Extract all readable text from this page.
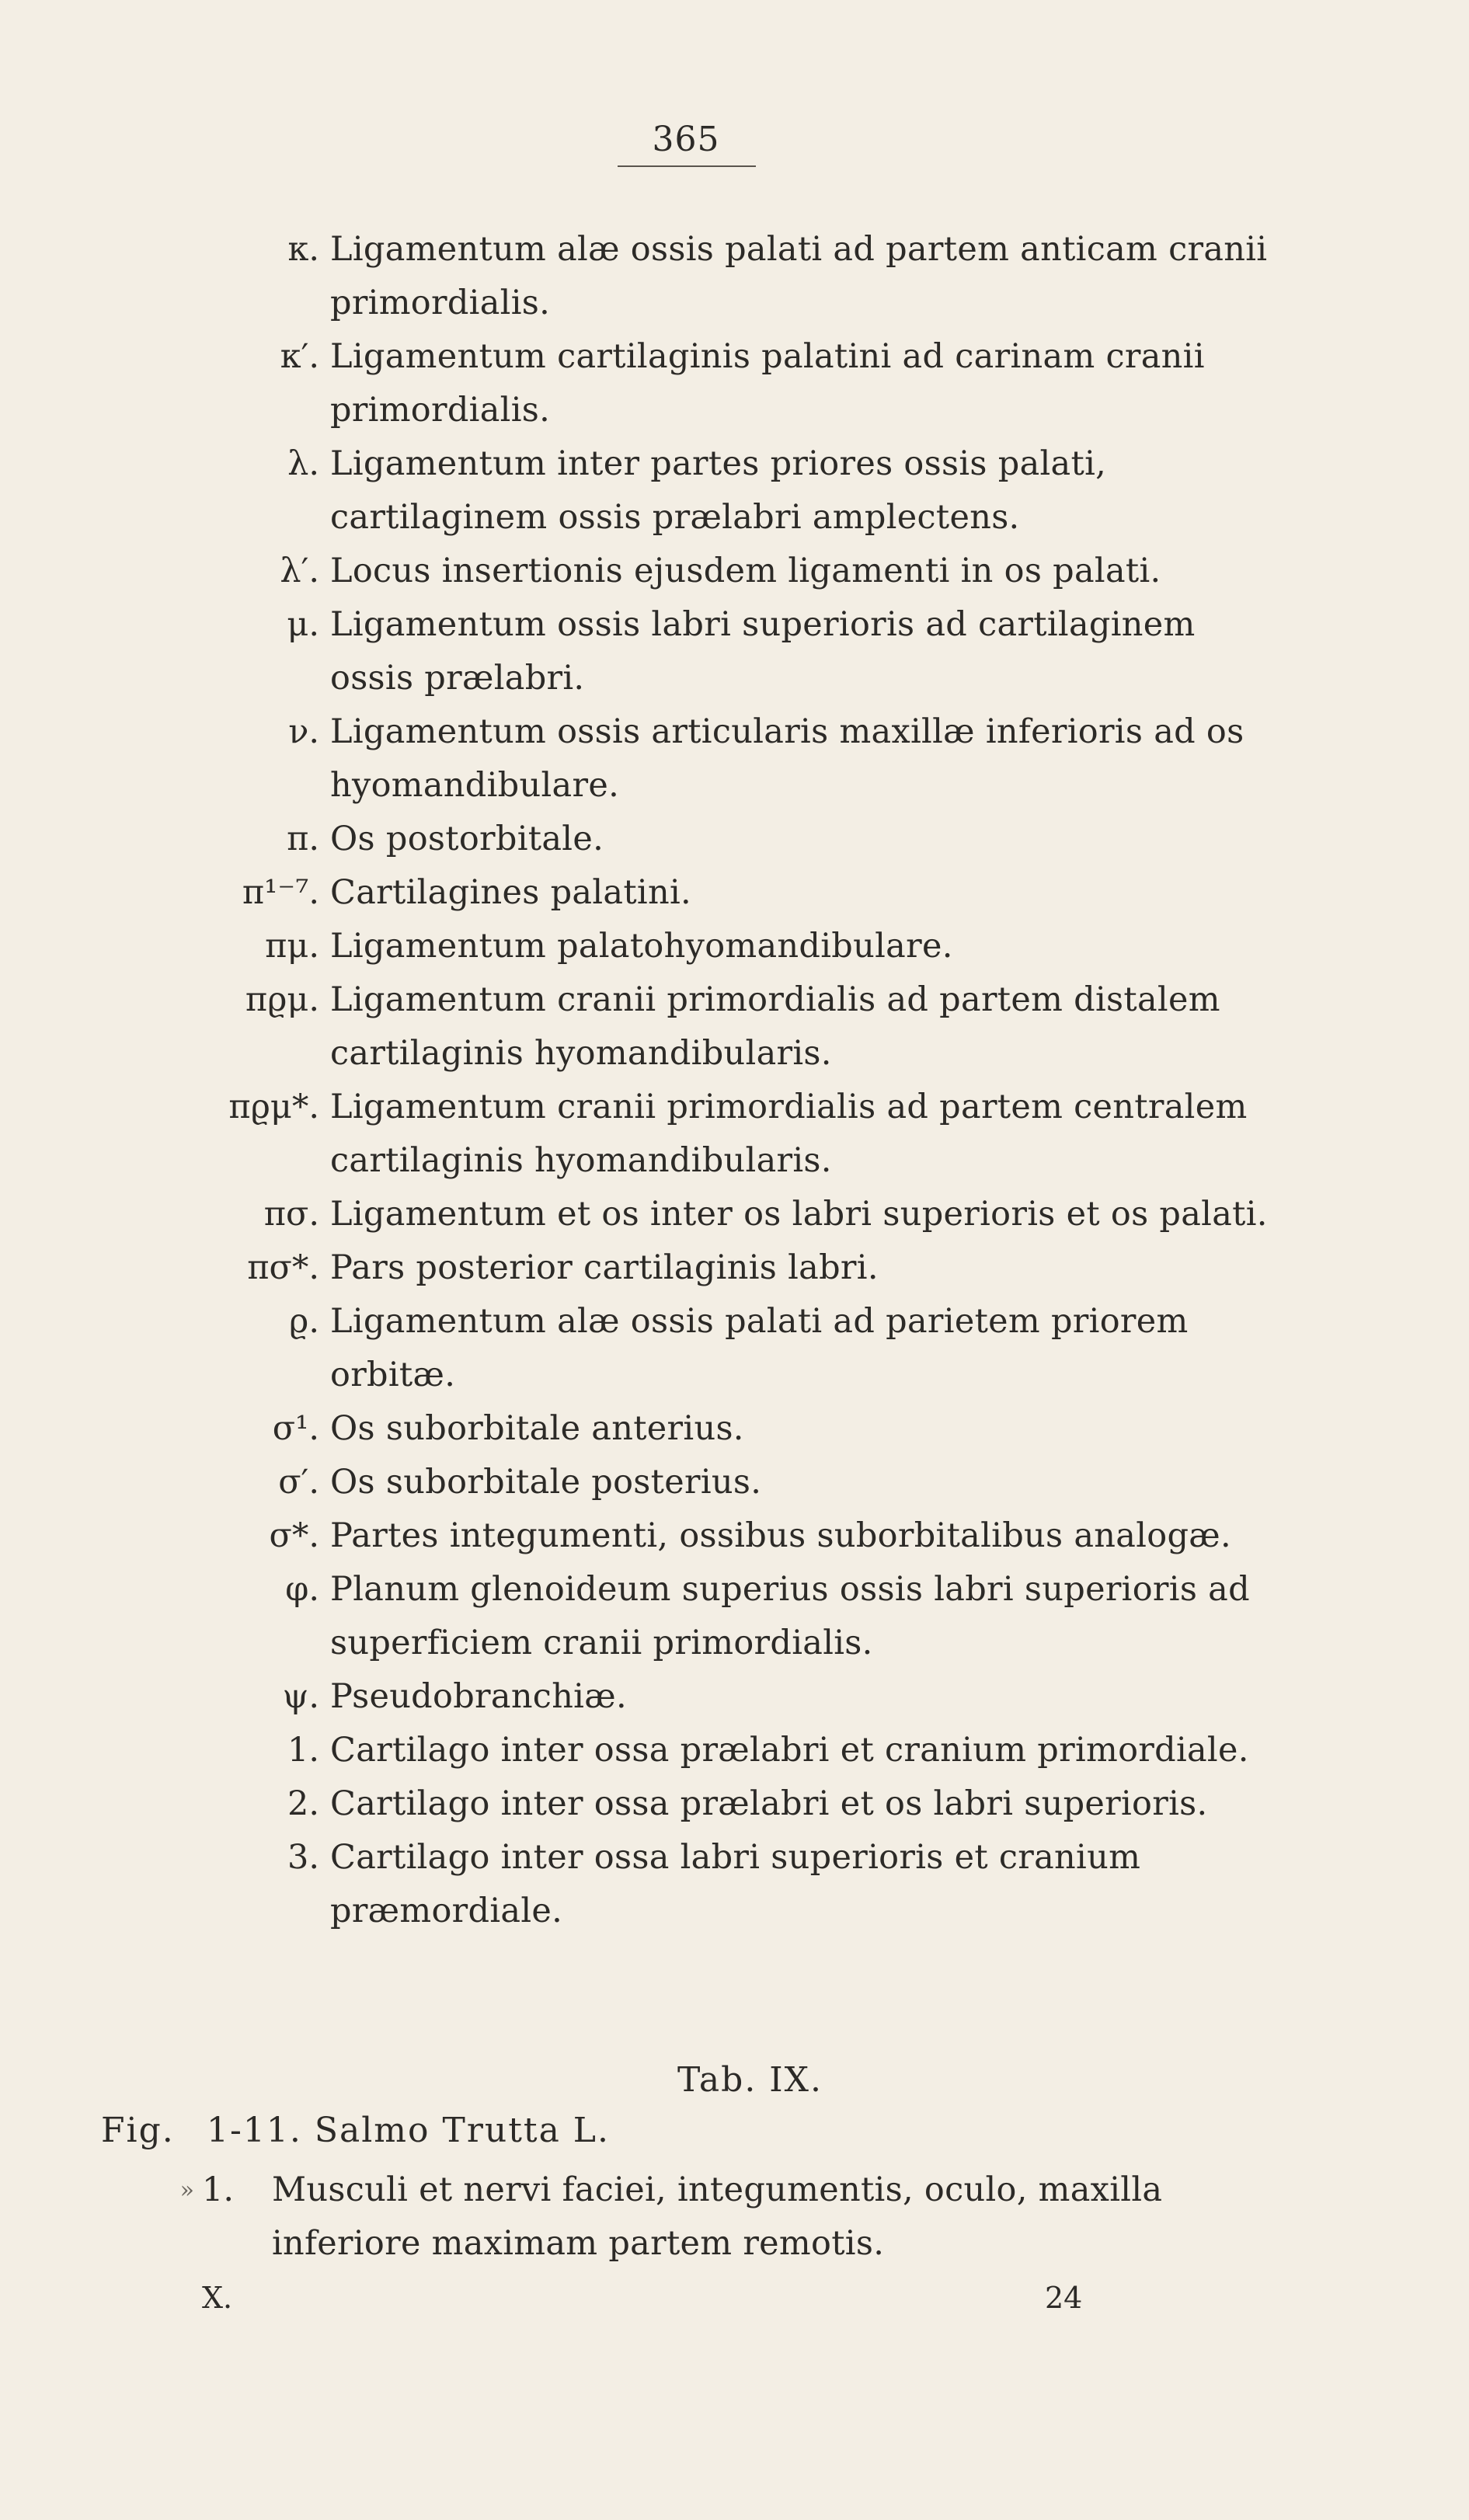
365
κ. Ligamentum alæ ossis palati ad partem anticam cranii primordialis.
κ′. Ligamentum cartilaginis palatini ad carinam cranii primordialis.
λ. Ligamentum inter partes priores ossis palati, cartilaginem ossis prælabri amplectens.
λ′. Locus insertionis ejusdem ligamenti in os palati.
μ. Ligamentum ossis labri superioris ad cartilaginem ossis prælabri.
ν. Ligamentum ossis articularis maxillæ inferioris ad os hyomandibulare.
π. Os postorbitale.
π¹⁻⁷. Cartilagines palatini.
πμ. Ligamentum palatohyomandibulare.
πϱμ. Ligamentum cranii primordialis ad partem distalem cartilaginis hyomandibularis.
πϱμ*. Ligamentum cranii primordialis ad partem centralem cartilaginis hyomandibularis.
πσ. Ligamentum et os inter os labri superioris et os palati.
πσ*. Pars posterior cartilaginis labri.
ϱ. Ligamentum alæ ossis palati ad parietem priorem orbitæ.
σ¹. Os suborbitale anterius.
σ′. Os suborbitale posterius.
σ*. Partes integumenti, ossibus suborbitalibus analogæ.
φ. Planum glenoideum superius ossis labri superioris ad superficiem cranii primordialis.
ψ. Pseudobranchiæ.
1. Cartilago inter ossa prælabri et cranium primordiale.
2. Cartilago inter ossa prælabri et os labri superioris.
3. Cartilago inter ossa labri superioris et cranium præmordiale.
Tab. IX.
Fig. 1-11. Salmo Trutta L.
» 1.	Musculi et nervi faciei, integumentis, oculo, maxilla inferiore maximam partem remotis.
X.	24
